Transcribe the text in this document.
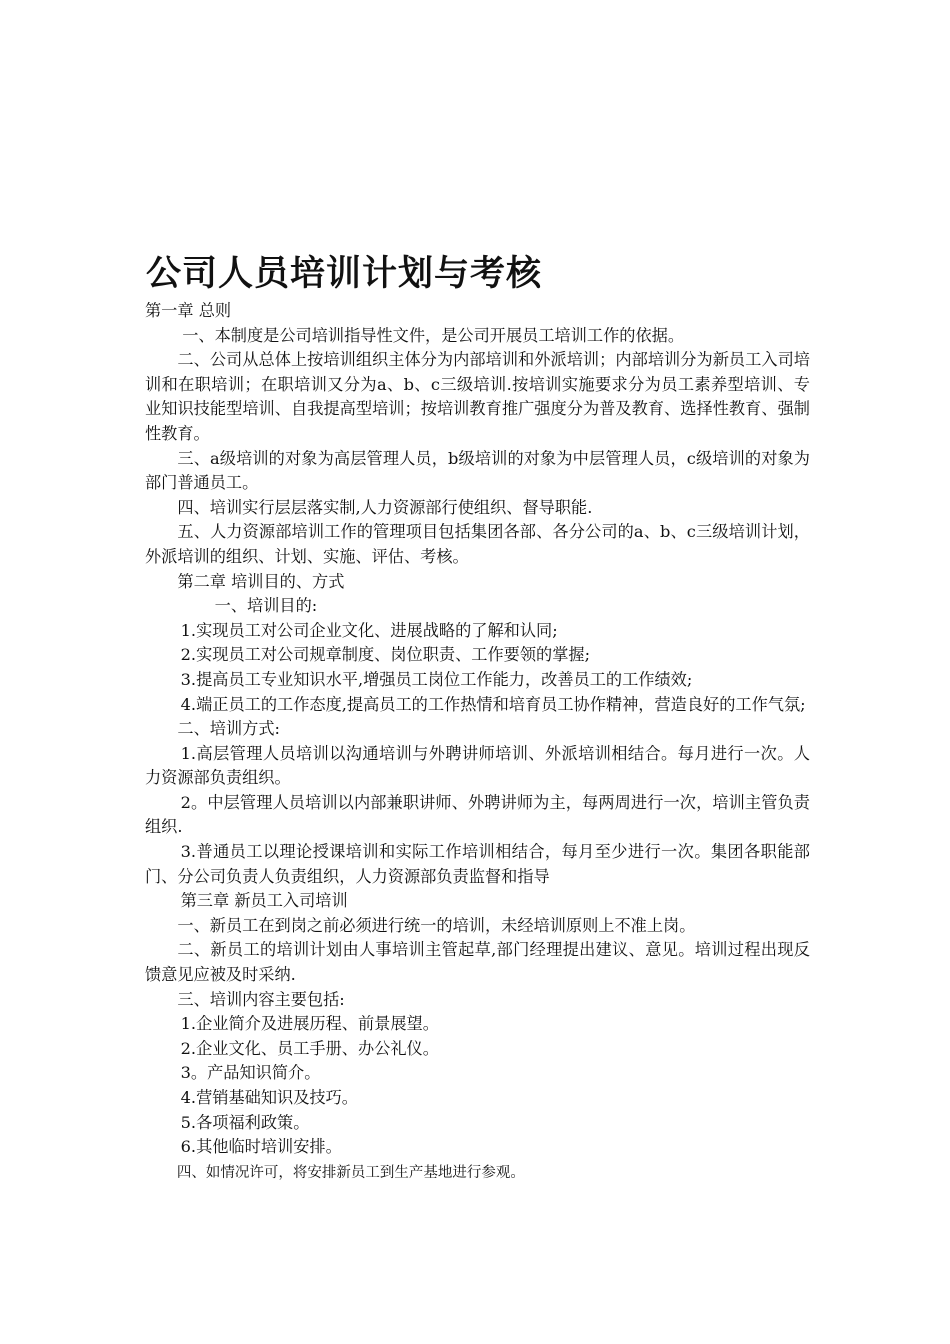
公司人员培训计划与考核

第一章 总则

一、本制度是公司培训指导性文件，是公司开展员工培训工作的依据。

二、公司从总体上按培训组织主体分为内部培训和外派培训；内部培训分为新员工入司培训和在职培训；在职培训又分为a、b、c三级培训.按培训实施要求分为员工素养型培训、专业知识技能型培训、自我提高型培训；按培训教育推广强度分为普及教育、选择性教育、强制性教育。

三、a级培训的对象为高层管理人员，b级培训的对象为中层管理人员，c级培训的对象为部门普通员工。

四、培训实行层层落实制,人力资源部行使组织、督导职能.

五、人力资源部培训工作的管理项目包括集团各部、各分公司的a、b、c三级培训计划，外派培训的组织、计划、实施、评估、考核。

第二章 培训目的、方式

一、培训目的:

1.实现员工对公司企业文化、进展战略的了解和认同;

2.实现员工对公司规章制度、岗位职责、工作要领的掌握;

3.提高员工专业知识水平,增强员工岗位工作能力，改善员工的工作绩效;

4.端正员工的工作态度,提高员工的工作热情和培育员工协作精神，营造良好的工作气氛;

二、培训方式:

1.高层管理人员培训以沟通培训与外聘讲师培训、外派培训相结合。每月进行一次。人力资源部负责组织。

2。中层管理人员培训以内部兼职讲师、外聘讲师为主，每两周进行一次，培训主管负责组织.

3.普通员工以理论授课培训和实际工作培训相结合，每月至少进行一次。集团各职能部门、分公司负责人负责组织，人力资源部负责监督和指导

第三章 新员工入司培训

一、新员工在到岗之前必须进行统一的培训，未经培训原则上不准上岗。

二、新员工的培训计划由人事培训主管起草,部门经理提出建议、意见。培训过程出现反馈意见应被及时采纳.

三、培训内容主要包括:

1.企业简介及进展历程、前景展望。

2.企业文化、员工手册、办公礼仪。

3。产品知识简介。

4.营销基础知识及技巧。

5.各项福利政策。

6.其他临时培训安排。

四、如情况许可，将安排新员工到生产基地进行参观。
